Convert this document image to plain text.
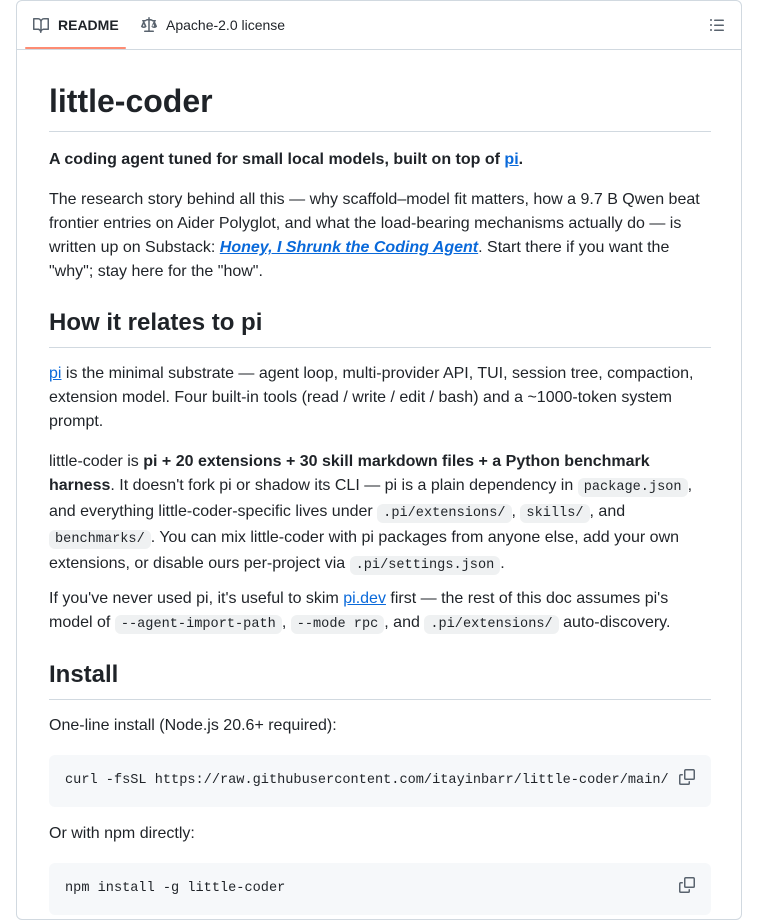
README	Apache-2.0 license
little-coder

A coding agent tuned for small local models, built on top of pi.

The research story behind all this — why scaffold–model fit matters, how a 9.7 B Qwen beat frontier entries on Aider Polyglot, and what the load-bearing mechanisms actually do — is written up on Substack: Honey, I Shrunk the Coding Agent. Start there if you want the "why"; stay here for the "how".

How it relates to pi

pi is the minimal substrate — agent loop, multi-provider API, TUI, session tree, compaction, extension model. Four built-in tools (read / write / edit / bash) and a ~1000-token system prompt.

little-coder is pi + 20 extensions + 30 skill markdown files + a Python benchmark harness. It doesn't fork pi or shadow its CLI — pi is a plain dependency in package.json , and everything little-coder-specific lives under .pi/extensions/ , skills/ , and benchmarks/ . You can mix little-coder with pi packages from anyone else, add your own extensions, or disable ours per-project via .pi/settings.json .

If you've never used pi, it's useful to skim pi.dev first — the rest of this doc assumes pi's model of --agent-import-path , --mode rpc , and .pi/extensions/ auto-discovery.

Install

One-line install (Node.js 20.6+ required):

curl -fsSL https://raw.githubusercontent.com/itayinbarr/little-coder/main/

Or with npm directly:

npm install -g little-coder
